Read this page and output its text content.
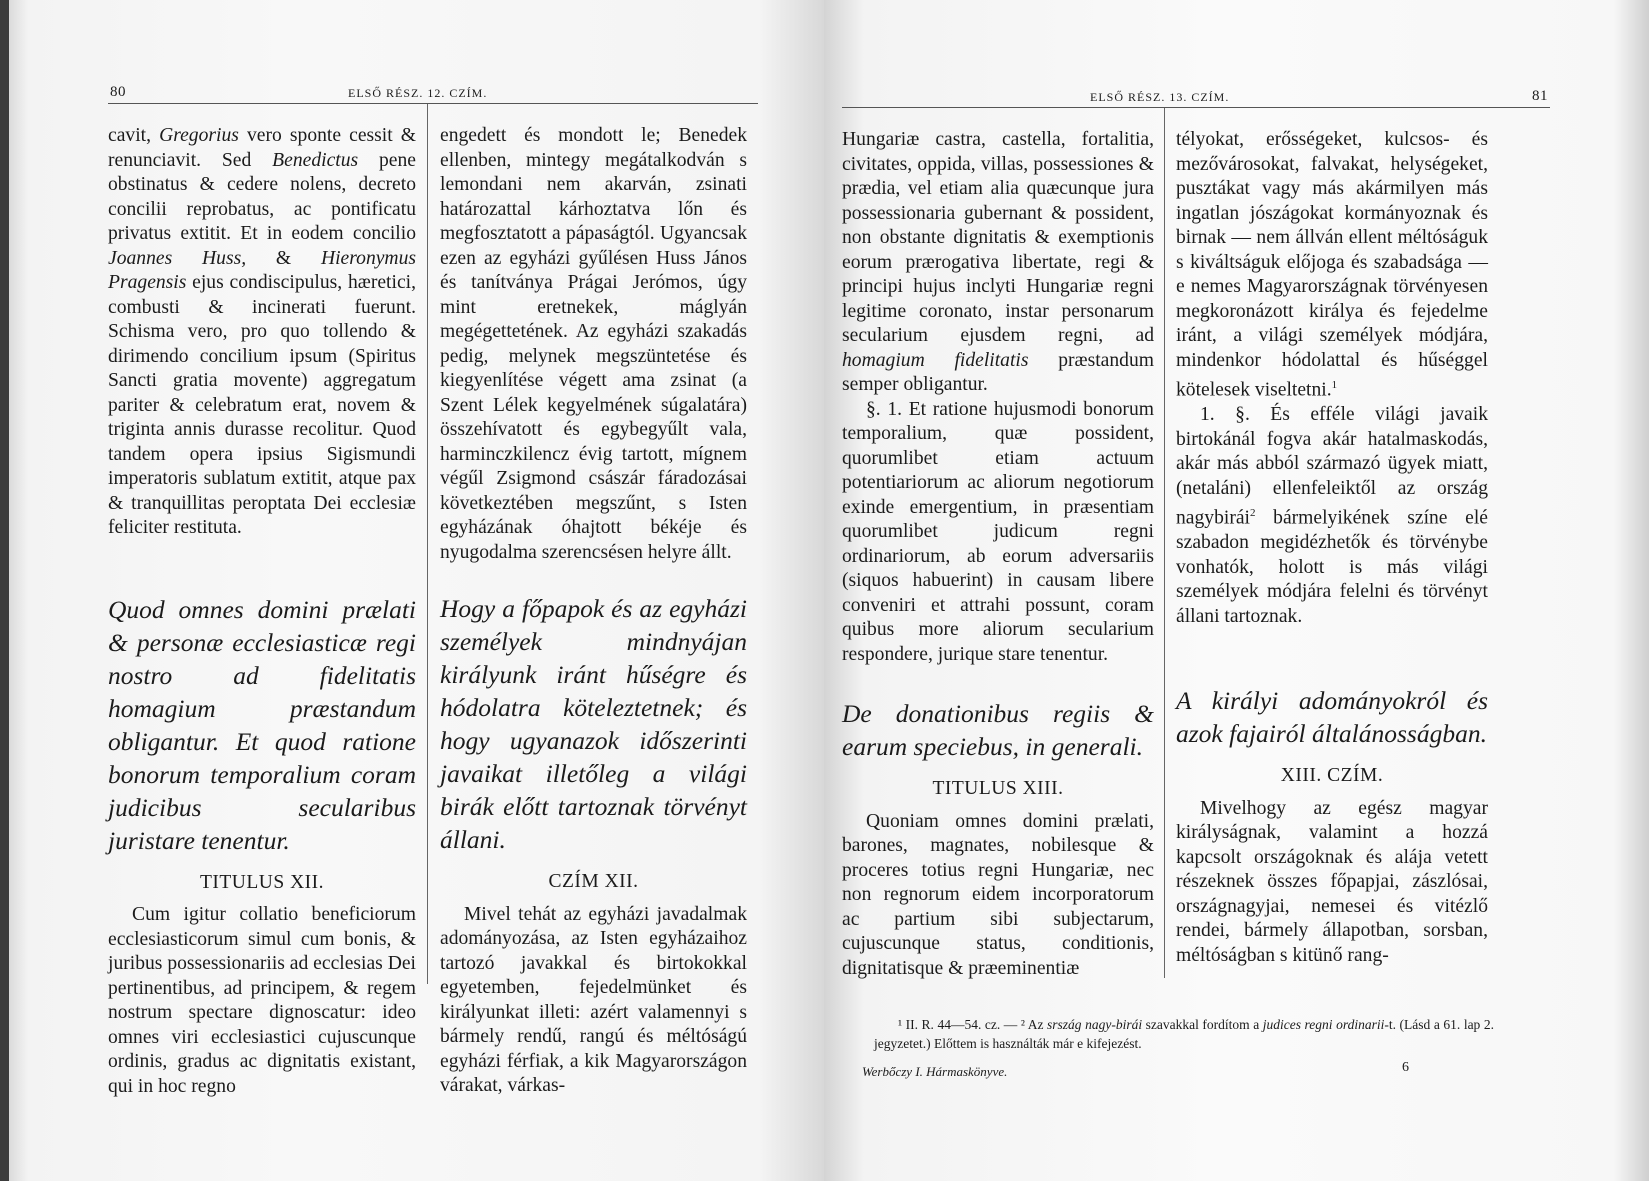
80	ELSŐ RÉSZ. 12. CZÍM.

cavit, Gregorius vero sponte cessit & renunciavit. Sed Benedictus pene obstinatus & cedere nolens, decreto concilii reprobatus, ac pontificatu privatus extitit. Et in eodem concilio Joannes Huss, & Hieronymus Pragensis ejus condiscipulus, hæretici, combusti & incinerati fuerunt. Schisma vero, pro quo tollendo & dirimendo concilium ipsum (Spiritus Sancti gratia movente) aggregatum pariter & celebratum erat, novem & triginta annis durasse recolitur. Quod tandem opera ipsius Sigismundi imperatoris sublatum extitit, atque pax & tranquillitas peroptata Dei ecclesiæ feliciter restituta.

Quod omnes domini prælati & personæ ecclesiasticæ regi nostro ad fidelitatis homagium præstandum obligantur. Et quod ratione bonorum temporalium coram judicibus secularibus juristare tenentur.

TITULUS XII.

Cum igitur collatio beneficiorum ecclesiasticorum simul cum bonis, & juribus possessionariis ad ecclesias Dei pertinentibus, ad principem, & regem nostrum spectare dignoscatur: ideo omnes viri ecclesiastici cujuscunque ordinis, gradus ac dignitatis existant, qui in hoc regno

engedett és mondott le; Benedek ellenben, mintegy megátalkodván s lemondani nem akarván, zsinati határozattal kárhoztatva lőn és megfosztatott a pápaságtól. Ugyancsak ezen az egyházi gyűlésen Huss János és tanítványa Prágai Jerómos, úgy mint eretnekek, máglyán megégettetének. Az egyházi szakadás pedig, melynek megszüntetése és kiegyenlítése végett ama zsinat (a Szent Lélek kegyelmének súgalatára) összehívatott és egybegyűlt vala, harminczkilencz évig tartott, mígnem végűl Zsigmond császár fáradozásai következtében megszűnt, s Isten egyházának óhajtott békéje és nyugodalma szerencsésen helyre állt.

Hogy a főpapok és az egyházi személyek mindnyájan királyunk iránt hűségre és hódolatra köteleztetnek; és hogy ugyanazok időszerinti javaikat illetőleg a világi birák előtt tartoznak törvényt állani.

CZÍM XII.

Mivel tehát az egyházi javadalmak adományozása, az Isten egyházaihoz tartozó javakkal és birtokokkal egyetemben, fejedelmünket és királyunkat illeti: azért valamennyi s bármely rendű, rangú és méltóságú egyházi férfiak, a kik Magyarországon várakat, várkas-

ELSŐ RÉSZ. 13. CZÍM.	81

Hungariæ castra, castella, fortalitia, civitates, oppida, villas, possessiones & prædia, vel etiam alia quæcunque jura possessionaria gubernant & possident, non obstante dignitatis & exemptionis eorum prærogativa libertate, regi & principi hujus inclyti Hungariæ regni legitime coronato, instar personarum secularium ejusdem regni, ad homagium fidelitatis præstandum semper obligantur.

§. 1. Et ratione hujusmodi bonorum temporalium, quæ possident, quorumlibet etiam actuum potentiariorum ac aliorum negotiorum exinde emergentium, in præsentiam quorumlibet judicum regni ordinariorum, ab eorum adversariis (siquos habuerint) in causam libere conveniri et attrahi possunt, coram quibus more aliorum secularium respondere, jurique stare tenentur.

De donationibus regiis & earum speciebus, in generali.

TITULUS XIII.

Quoniam omnes domini prælati, barones, magnates, nobilesque & proceres totius regni Hungariæ, nec non regnorum eidem incorporatorum ac partium sibi subjectarum, cujuscunque status, conditionis, dignitatisque & præeminentiæ

télyokat, erősségeket, kulcsos- és mezővárosokat, falvakat, helységeket, pusztákat vagy más akármilyen más ingatlan jószágokat kormányoznak és birnak — nem állván ellent méltóságuk s kiváltságuk előjoga és szabadsága — e nemes Magyarországnak törvényesen megkoronázott királya és fejedelme iránt, a világi személyek módjára, mindenkor hódolattal és hűséggel kötelesek viseltetni.$^1$

1. §. És efféle világi javaik birtokánál fogva akár hatalmaskodás, akár más abból származó ügyek miatt, (netaláni) ellenfeleiktől az ország nagybirái$^2$ bármelyikének színe elé szabadon megidézhetők és törvénybe vonhatók, holott is más világi személyek módjára felelni és törvényt állani tartoznak.

A királyi adományokról és azok fajairól általánosságban.

XIII. CZÍM.

Mivelhogy az egész magyar királyságnak, valamint a hozzá kapcsolt országoknak és alája vetett részeknek összes főpapjai, zászlósai, országnagyjai, nemesei és vitézlő rendei, bármely állapotban, sorsban, méltóságban s kitünő rang-

¹ II. R. 44—54. cz. — ² Az srszág nagy-birái szavakkal fordítom a judices regni ordinarii-t. (Lásd a 61. lap 2. jegyzetet.) Előttem is használták már e kifejezést.
Werbőczy I. Hármaskönyve.	6
